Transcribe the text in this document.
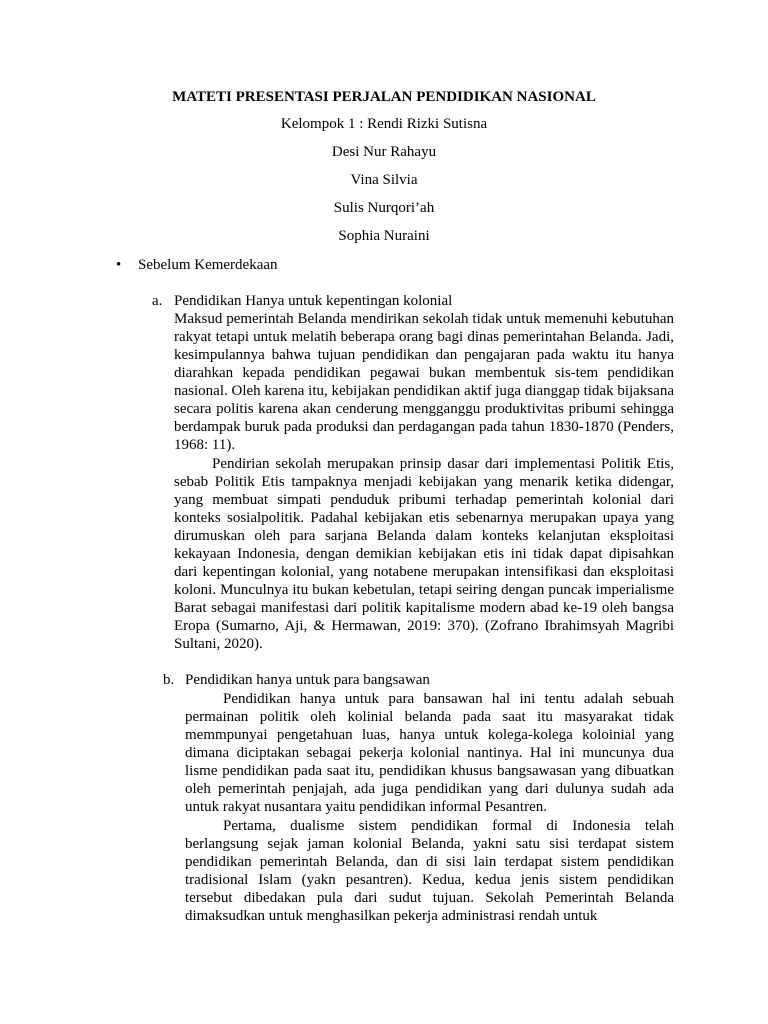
MATETI PRESENTASI PERJALAN PENDIDIKAN NASIONAL
Kelompok 1 : Rendi Rizki Sutisna
Desi Nur Rahayu
Vina Silvia
Sulis Nurqori’ah
Sophia Nuraini
• Sebelum Kemerdekaan
a. Pendidikan Hanya untuk kepentingan kolonial

Maksud pemerintah Belanda mendirikan sekolah tidak untuk memenuhi kebutuhan rakyat tetapi untuk melatih beberapa orang bagi dinas pemerintahan Belanda. Jadi, kesimpulannya bahwa tujuan pendidikan dan pengajaran pada waktu itu hanya diarahkan kepada pendidikan pegawai bukan membentuk sis-tem pendidikan nasional. Oleh karena itu, kebijakan pendidikan aktif juga dianggap tidak bijaksana secara politis karena akan cenderung mengganggu produktivitas pribumi sehingga berdampak buruk pada produksi dan perdagangan pada tahun 1830-1870 (Penders, 1968: 11).

Pendirian sekolah merupakan prinsip dasar dari implementasi Politik Etis, sebab Politik Etis tampaknya menjadi kebijakan yang menarik ketika didengar, yang membuat simpati penduduk pribumi terhadap pemerintah kolonial dari konteks sosialpolitik. Padahal kebijakan etis sebenarnya merupakan upaya yang dirumuskan oleh para sarjana Belanda dalam konteks kelanjutan eksploitasi kekayaan Indonesia, dengan demikian kebijakan etis ini tidak dapat dipisahkan dari kepentingan kolonial, yang notabene merupakan intensifikasi dan eksploitasi koloni. Munculnya itu bukan kebetulan, tetapi seiring dengan puncak imperialisme Barat sebagai manifestasi dari politik kapitalisme modern abad ke-19 oleh bangsa Eropa (Sumarno, Aji, & Hermawan, 2019: 370). (Zofrano Ibrahimsyah Magribi Sultani, 2020).

b. Pendidikan hanya untuk para bangsawan

Pendidikan hanya untuk para bansawan hal ini tentu adalah sebuah permainan politik oleh kolinial belanda pada saat itu masyarakat tidak memmpunyai pengetahuan luas, hanya untuk kolega-kolega koloinial yang dimana diciptakan sebagai pekerja kolonial nantinya. Hal ini muncunya dua lisme pendidikan pada saat itu, pendidikan khusus bangsawasan yang dibuatkan oleh pemerintah penjajah, ada juga pendidikan yang dari dulunya sudah ada untuk rakyat nusantara yaitu pendidikan informal Pesantren.

Pertama, dualisme sistem pendidikan formal di Indonesia telah berlangsung sejak jaman kolonial Belanda, yakni satu sisi terdapat sistem pendidikan pemerintah Belanda, dan di sisi lain terdapat sistem pendidikan tradisional Islam (yakn pesantren). Kedua, kedua jenis sistem pendidikan tersebut dibedakan pula dari sudut tujuan. Sekolah Pemerintah Belanda dimaksudkan untuk menghasilkan pekerja administrasi rendah untuk
